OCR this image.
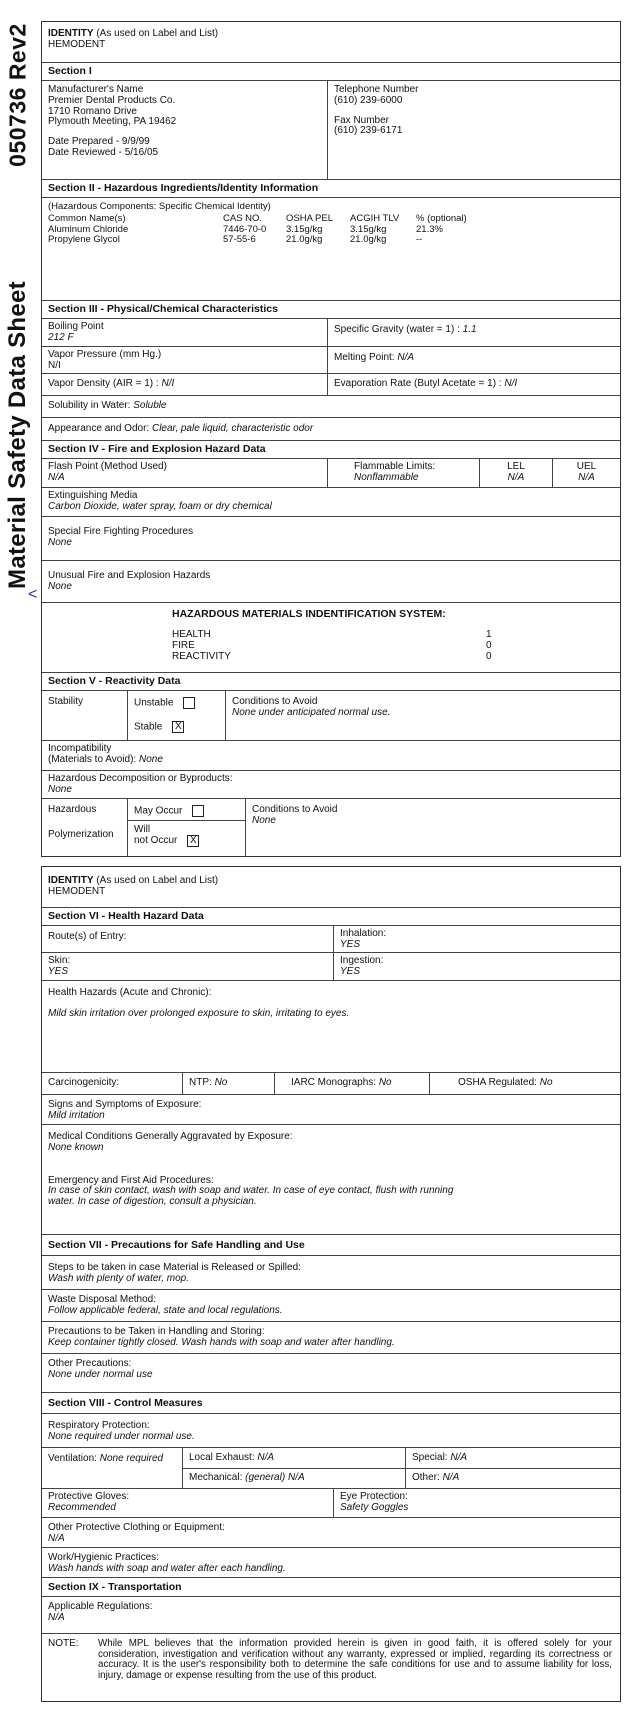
050736 Rev2
Material Safety Data Sheet
<
IDENTITY (As used on Label and List)
HEMODENT
Section I
Manufacturer's Name
Premier Dental Products Co.
1710 Romano Drive
Plymouth Meeting, PA 19462
Date Prepared - 9/9/99
Date Reviewed - 5/16/05
Telephone Number
(610) 239-6000
Fax Number
(610) 239-6171
Section II - Hazardous Ingredients/Identity Information
(Hazardous Components: Specific Chemical Identity)
Common Name(s)	CAS NO.	OSHA PEL	ACGIH TLV	% (optional)
Aluminum Chloride	7446-70-0	3.15g/kg	3.15g/kg	21.3%
Propylene Glycol	57-55-6	21.0g/kg	21.0g/kg	--
Section III - Physical/Chemical Characteristics
Boiling Point
212 F
Specific Gravity (water = 1) : 1.1
Vapor Pressure (mm Hg.)
N/I
Melting Point: N/A
Vapor Density (AIR = 1) : N/I	Evaporation Rate (Butyl Acetate = 1) : N/I
Solubility in Water: Soluble
Appearance and Odor: Clear, pale liquid, characteristic odor
Section IV - Fire and Explosion Hazard Data
Flash Point (Method Used)
N/A
Flammable Limits:
Nonflammable
LEL
N/A
UEL
N/A
Extinguishing Media
Carbon Dioxide, water spray, foam or dry chemical
Special Fire Fighting Procedures
None
Unusual Fire and Explosion Hazards
None
HAZARDOUS MATERIALS INDENTIFICATION SYSTEM:
HEALTH	1
FIRE	0
REACTIVITY	0
Section V - Reactivity Data
Stability	Unstable
Stable X
Conditions to Avoid
None under anticipated normal use.
Incompatibility
(Materials to Avoid): None
Hazardous Decomposition or Byproducts:
None
Hazardous
Polymerization
May Occur
Will
not Occur X
Conditions to Avoid
None
IDENTITY (As used on Label and List)
HEMODENT
Section VI - Health Hazard Data
Route(s) of Entry:	Inhalation:
YES
Skin:
YES
Ingestion:
YES
Health Hazards (Acute and Chronic):
Mild skin irritation over prolonged exposure to skin, irritating to eyes.
Carcinogenicity:	NTP: No	IARC Monographs: No	OSHA Regulated: No
Signs and Symptoms of Exposure:
Mild irritation
Medical Conditions Generally Aggravated by Exposure:
None known
Emergency and First Aid Procedures:
In case of skin contact, wash with soap and water. In case of eye contact, flush with running
water. In case of digestion, consult a physician.
Section VII - Precautions for Safe Handling and Use
Steps to be taken in case Material is Released or Spilled:
Wash with plenty of water, mop.
Waste Disposal Method:
Follow applicable federal, state and local regulations.
Precautions to be Taken in Handling and Storing:
Keep container tightly closed. Wash hands with soap and water after handling.
Other Precautions:
None under normal use
Section VIII - Control Measures
Respiratory Protection:
None required under normal use.
Ventilation: None required	Local Exhaust: N/A	Special: N/A
Mechanical: (general) N/A	Other: N/A
Protective Gloves:
Recommended
Eye Protection:
Safety Goggles
Other Protective Clothing or Equipment:
N/A
Work/Hygienic Practices:
Wash hands with soap and water after each handling.
Section IX - Transportation
Applicable Regulations:
N/A
NOTE:	While MPL believes that the information provided herein is given in good faith, it is offered solely for your consideration, investigation and verification without any warranty, expressed or implied, regarding its correctness or accuracy. It is the user's responsibility both to determine the safe conditions for use and to assume liability for loss, injury, damage or expense resulting from the use of this product.
